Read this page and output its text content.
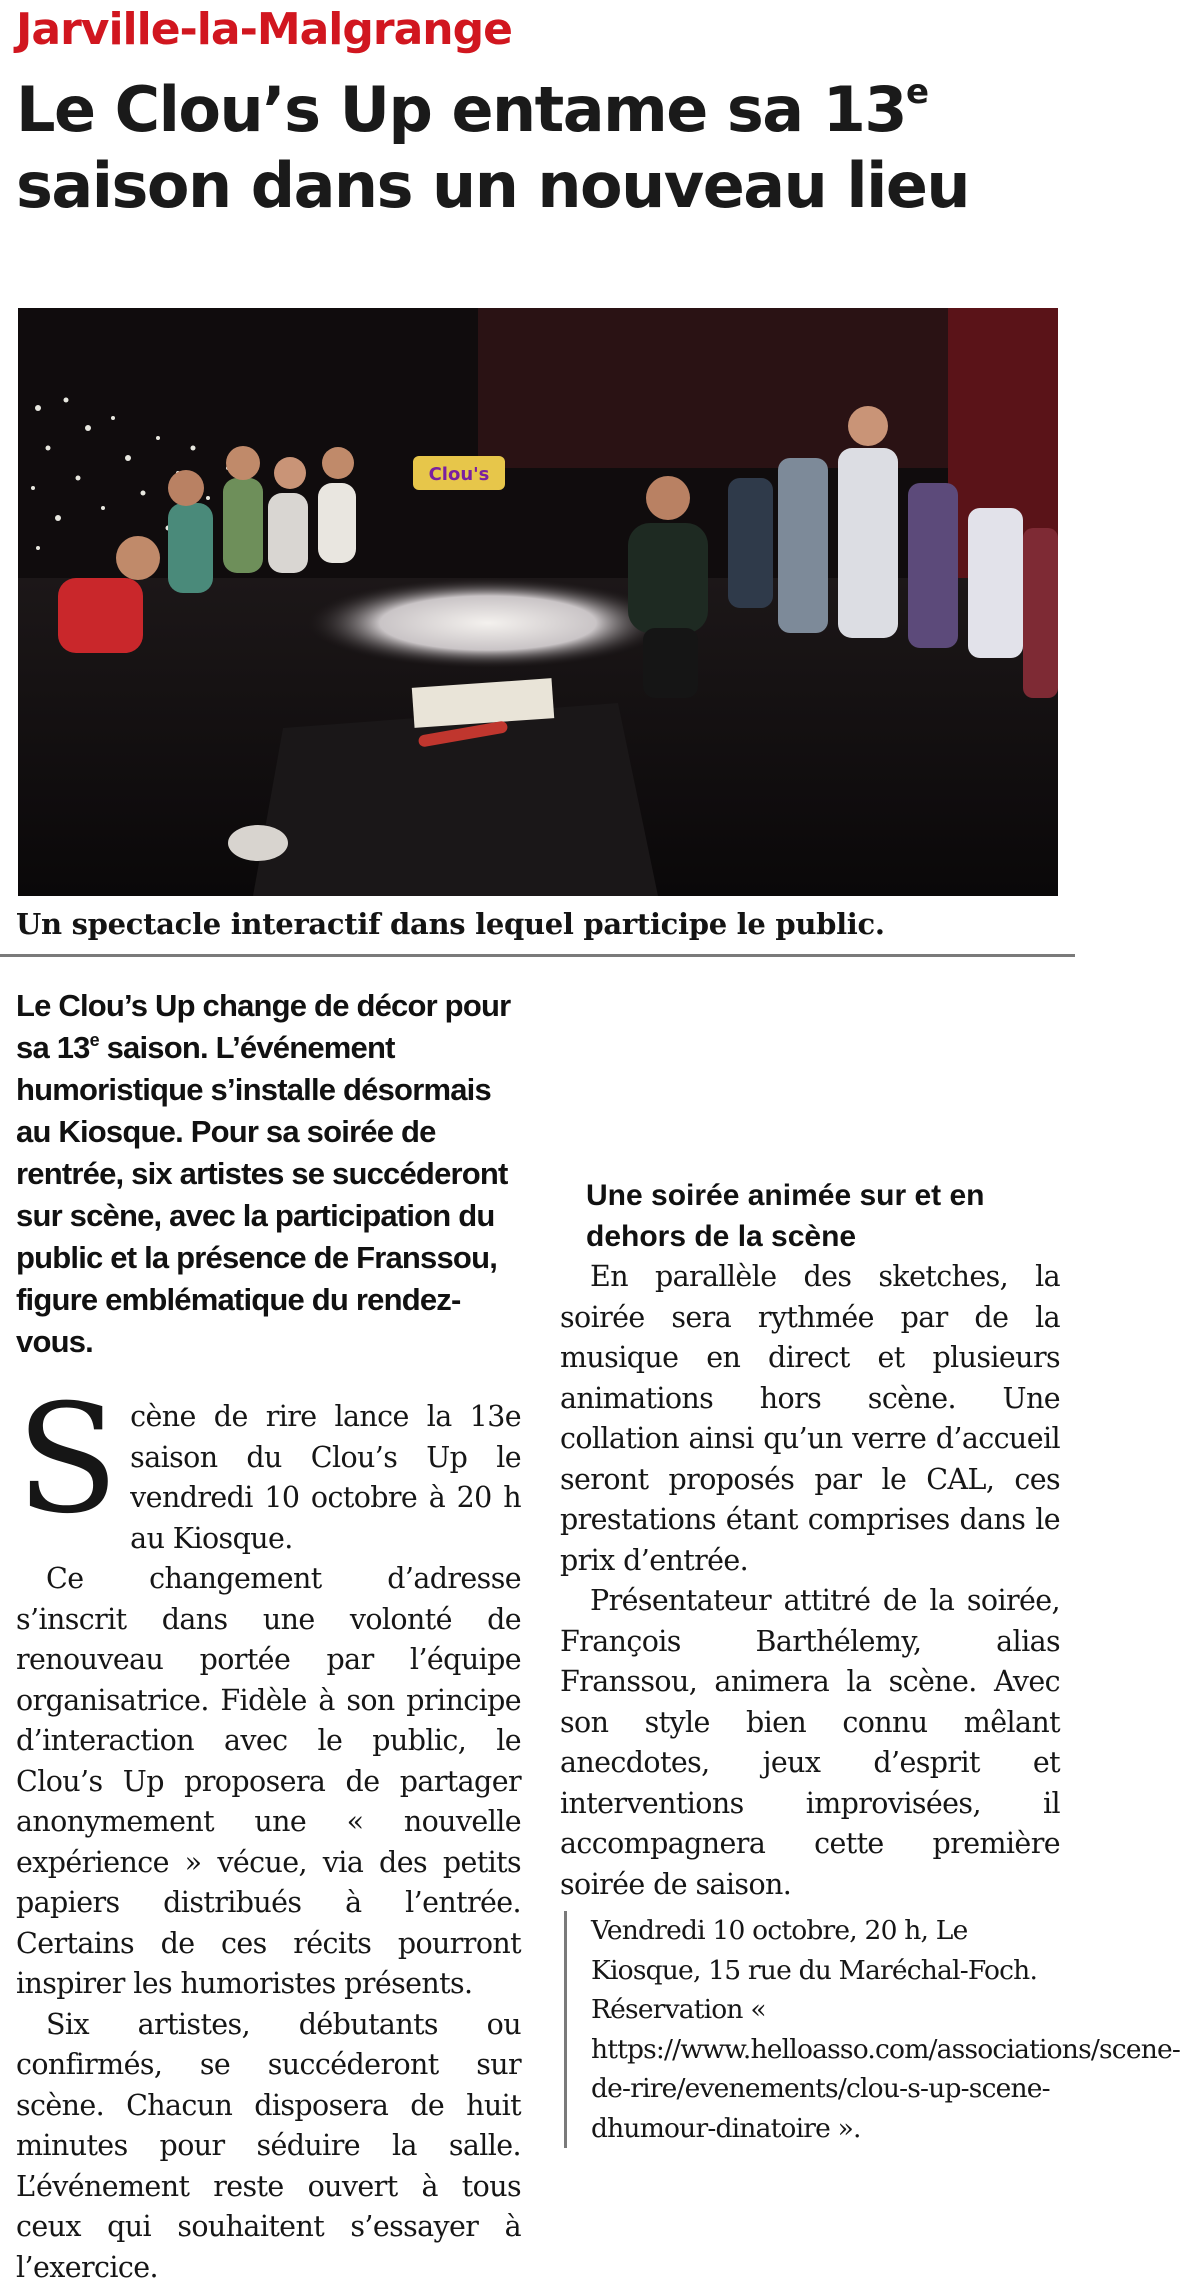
Jarville-la-Malgrange
Le Clou’s Up entame sa 13e
saison dans un nouveau lieu
Clou's
Un spectacle interactif dans lequel participe le public.

Le Clou’s Up change de décor pour sa 13e saison. L’événement humoristique s’installe désormais au Kiosque. Pour sa soirée de rentrée, six artistes se succéderont sur scène, avec la participation du public et la présence de Franssou, figure emblématique du rendez-vous.

Scène de rire lance la 13e saison du Clou’s Up le vendredi 10 octobre à 20 h au Kiosque.

Ce changement d’adresse s’inscrit dans une volonté de renouveau portée par l’équipe organisatrice. Fidèle à son principe d’interaction avec le public, le Clou’s Up proposera de partager anonymement une « nouvelle expérience » vécue, via des petits papiers distribués à l’entrée. Certains de ces récits pourront inspirer les humoristes présents.

Six artistes, débutants ou confirmés, se succéderont sur scène. Chacun disposera de huit minutes pour séduire la salle. L’événement reste ouvert à tous ceux qui souhaitent s’essayer à l’exercice.

Une soirée animée sur et en dehors de la scène

En parallèle des sketches, la soirée sera rythmée par de la musique en direct et plusieurs animations hors scène. Une collation ainsi qu’un verre d’accueil seront proposés par le CAL, ces prestations étant comprises dans le prix d’entrée.

Présentateur attitré de la soirée, François Barthélemy, alias Franssou, animera la scène. Avec son style bien connu mêlant anecdotes, jeux d’esprit et interventions improvisées, il accompagnera cette première soirée de saison.

Vendredi 10 octobre, 20 h, Le Kiosque, 15 rue du Maréchal-Foch. Réservation « https://www.helloasso.com/associations/scene-de-rire/evenements/clou-s-up-scene-dhumour-dinatoire ».
